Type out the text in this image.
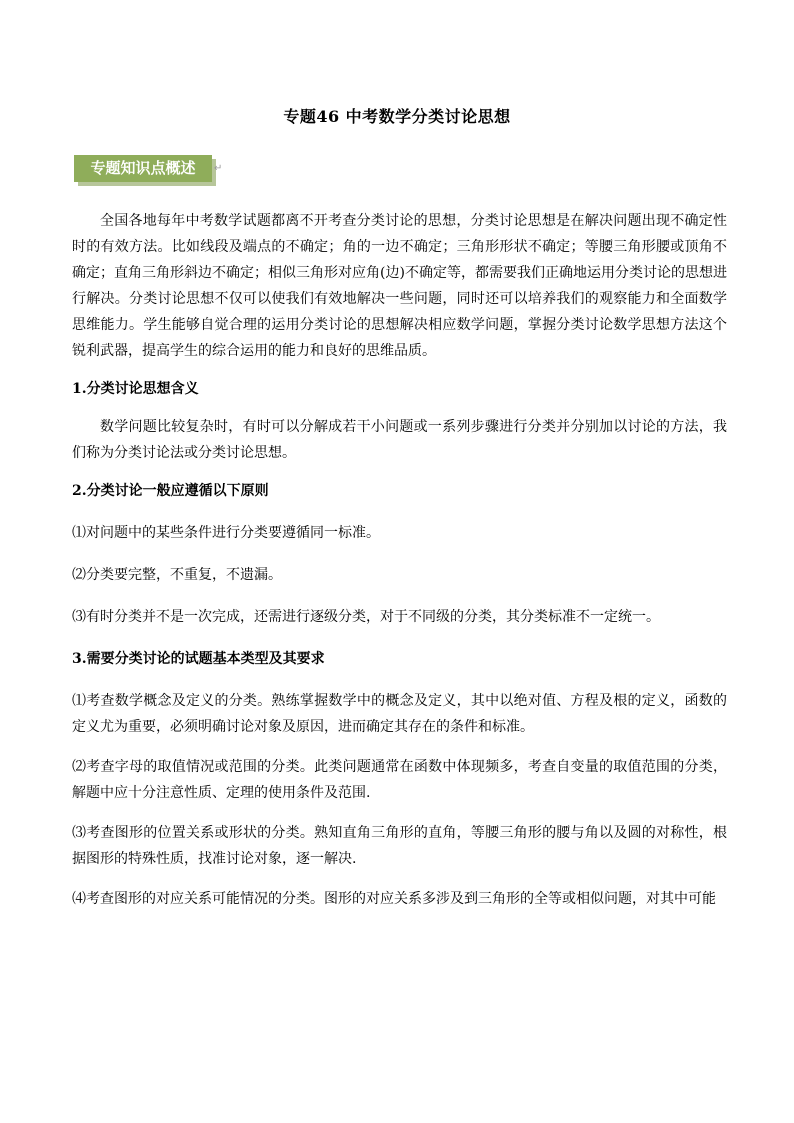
专题46 中考数学分类讨论思想
专题知识点概述	↵

全国各地每年中考数学试题都离不开考查分类讨论的思想，分类讨论思想是在解决问题出现不确定性时的有效方法。比如线段及端点的不确定；角的一边不确定；三角形形状不确定；等腰三角形腰或顶角不确定；直角三角形斜边不确定；相似三角形对应角(边)不确定等，都需要我们正确地运用分类讨论的思想进行解决。分类讨论思想不仅可以使我们有效地解决一些问题，同时还可以培养我们的观察能力和全面数学思维能力。学生能够自觉合理的运用分类讨论的思想解决相应数学问题，掌握分类讨论数学思想方法这个锐利武器，提高学生的综合运用的能力和良好的思维品质。

1.分类讨论思想含义

数学问题比较复杂时，有时可以分解成若干小问题或一系列步骤进行分类并分别加以讨论的方法，我们称为分类讨论法或分类讨论思想。

2.分类讨论一般应遵循以下原则

⑴对问题中的某些条件进行分类要遵循同一标准。

⑵分类要完整，不重复，不遗漏。

⑶有时分类并不是一次完成，还需进行逐级分类，对于不同级的分类，其分类标准不一定统一。

3.需要分类讨论的试题基本类型及其要求

⑴考查数学概念及定义的分类。熟练掌握数学中的概念及定义，其中以绝对值、方程及根的定义，函数的定义尤为重要，必须明确讨论对象及原因，进而确定其存在的条件和标准。

⑵考查字母的取值情况或范围的分类。此类问题通常在函数中体现频多，考查自变量的取值范围的分类，解题中应十分注意性质、定理的使用条件及范围.

⑶考查图形的位置关系或形状的分类。熟知直角三角形的直角，等腰三角形的腰与角以及圆的对称性，根据图形的特殊性质，找准讨论对象，逐一解决.

⑷考查图形的对应关系可能情况的分类。图形的对应关系多涉及到三角形的全等或相似问题，对其中可能
